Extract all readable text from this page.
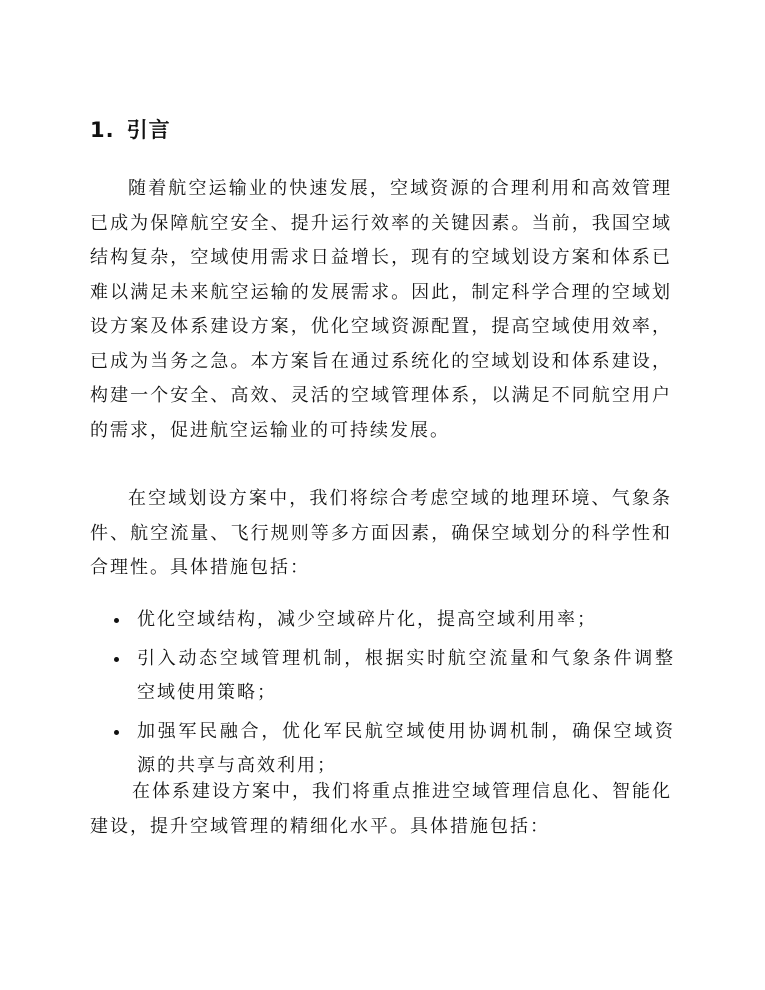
1. 引言

随着航空运输业的快速发展，空域资源的合理利用和高效管理已成为保障航空安全、提升运行效率的关键因素。当前，我国空域结构复杂，空域使用需求日益增长，现有的空域划设方案和体系已难以满足未来航空运输的发展需求。因此，制定科学合理的空域划设方案及体系建设方案，优化空域资源配置，提高空域使用效率，已成为当务之急。本方案旨在通过系统化的空域划设和体系建设，构建一个安全、高效、灵活的空域管理体系，以满足不同航空用户的需求，促进航空运输业的可持续发展。

在空域划设方案中，我们将综合考虑空域的地理环境、气象条件、航空流量、飞行规则等多方面因素，确保空域划分的科学性和合理性。具体措施包括：

优化空域结构，减少空域碎片化，提高空域利用率；
引入动态空域管理机制，根据实时航空流量和气象条件调整空域使用策略；
加强军民融合，优化军民航空域使用协调机制，确保空域资源的共享与高效利用；

在体系建设方案中，我们将重点推进空域管理信息化、智能化建设，提升空域管理的精细化水平。具体措施包括：
